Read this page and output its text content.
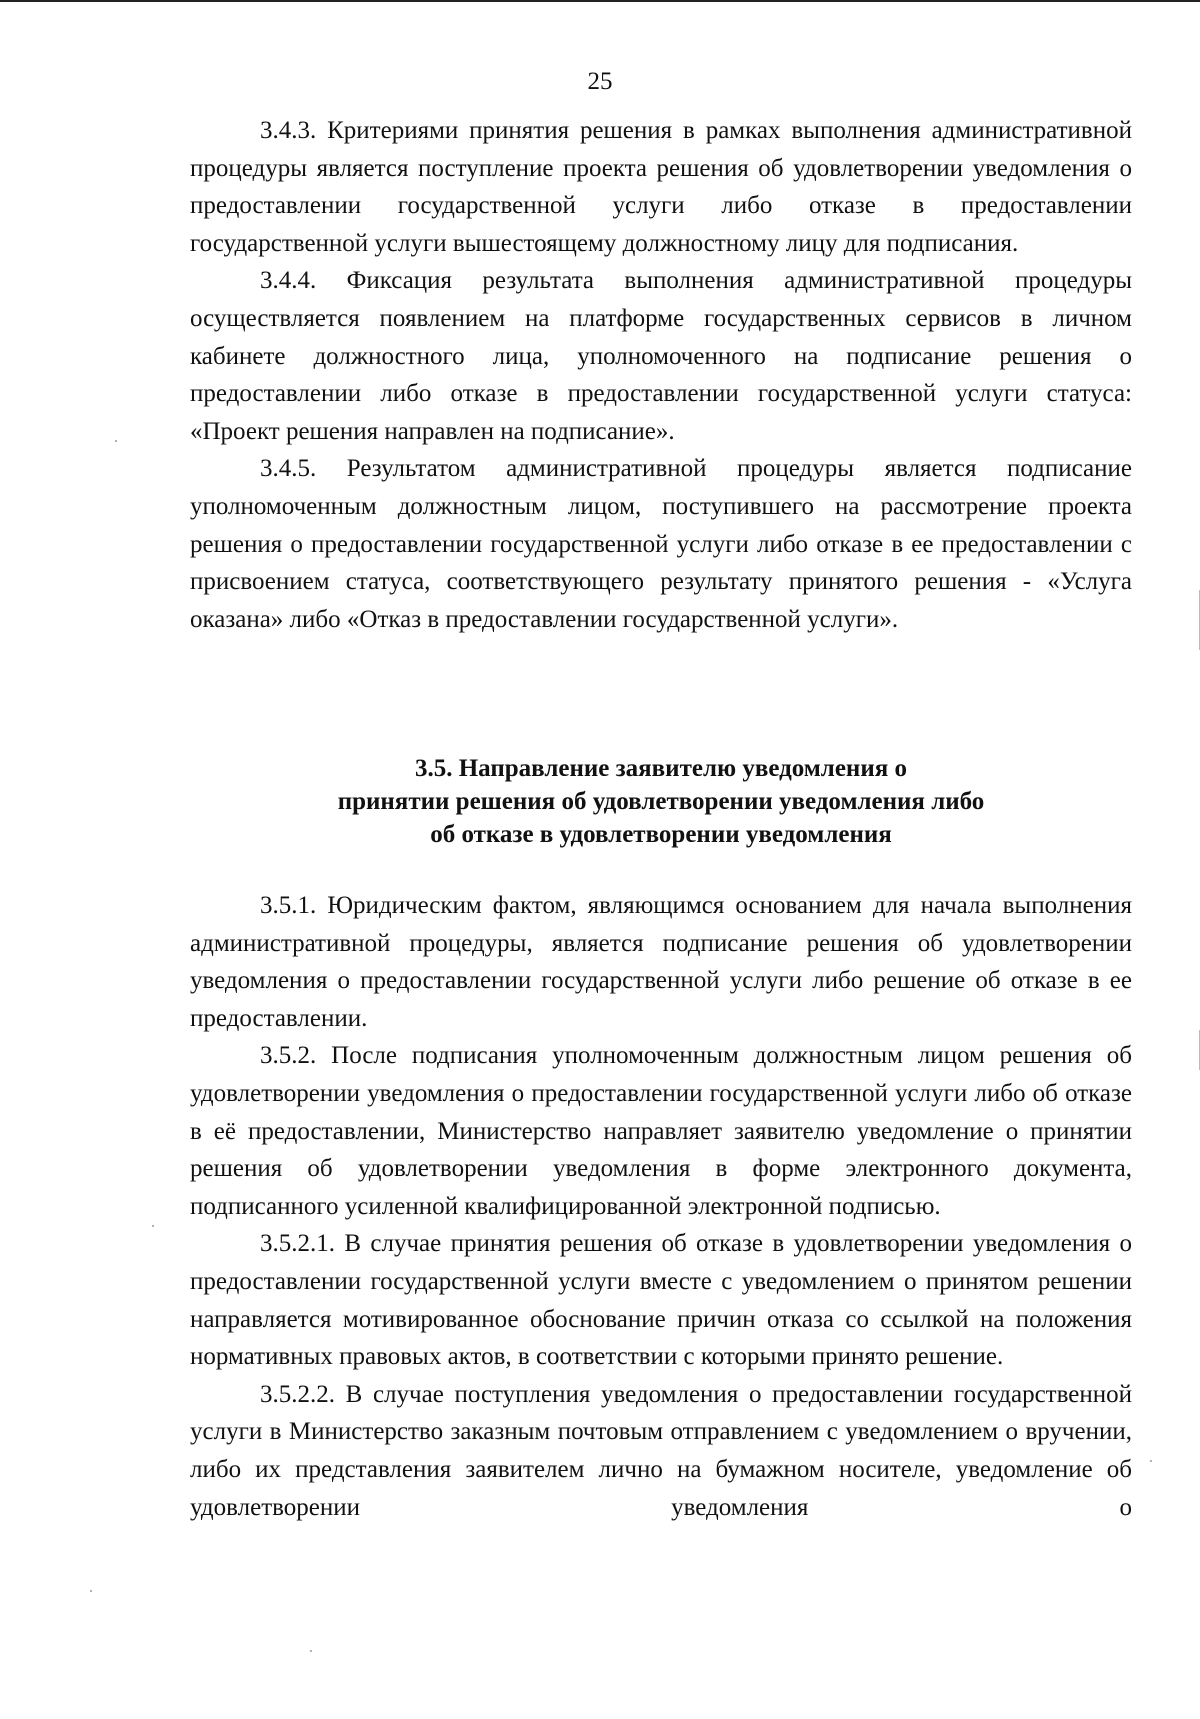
25

3.4.3. Критериями принятия решения в рамках выполнения административной процедуры является поступление проекта решения об удовлетворении уведомления о предоставлении государственной услуги либо отказе в предоставлении государственной услуги вышестоящему должностному лицу для подписания.

3.4.4. Фиксация результата выполнения административной процедуры осуществляется появлением на платформе государственных сервисов в личном кабинете должностного лица, уполномоченного на подписание решения о предоставлении либо отказе в предоставлении государственной услуги статуса: «Проект решения направлен на подписание».

3.4.5. Результатом административной процедуры является подписание уполномоченным должностным лицом, поступившего на рассмотрение проекта решения о предоставлении государственной услуги либо отказе в ее предоставлении с присвоением статуса, соответствующего результату принятого решения - «Услуга оказана» либо «Отказ в предоставлении государственной услуги».

3.5. Направление заявителю уведомления о
принятии решения об удовлетворении уведомления либо
об отказе в удовлетворении уведомления

3.5.1. Юридическим фактом, являющимся основанием для начала выполнения административной процедуры, является подписание решения об удовлетворении уведомления о предоставлении государственной услуги либо решение об отказе в ее предоставлении.

3.5.2. После подписания уполномоченным должностным лицом решения об удовлетворении уведомления о предоставлении государственной услуги либо об отказе в её предоставлении, Министерство направляет заявителю уведомление о принятии решения об удовлетворении уведомления в форме электронного документа, подписанного усиленной квалифицированной электронной подписью.

3.5.2.1. В случае принятия решения об отказе в удовлетворении уведомления о предоставлении государственной услуги вместе с уведомлением о принятом решении направляется мотивированное обоснование причин отказа со ссылкой на положения нормативных правовых актов, в соответствии с которыми принято решение.

3.5.2.2. В случае поступления уведомления о предоставлении государственной услуги в Министерство заказным почтовым отправлением с уведомлением о вручении, либо их представления заявителем лично на бумажном носителе, уведомление об удовлетворении уведомления о
